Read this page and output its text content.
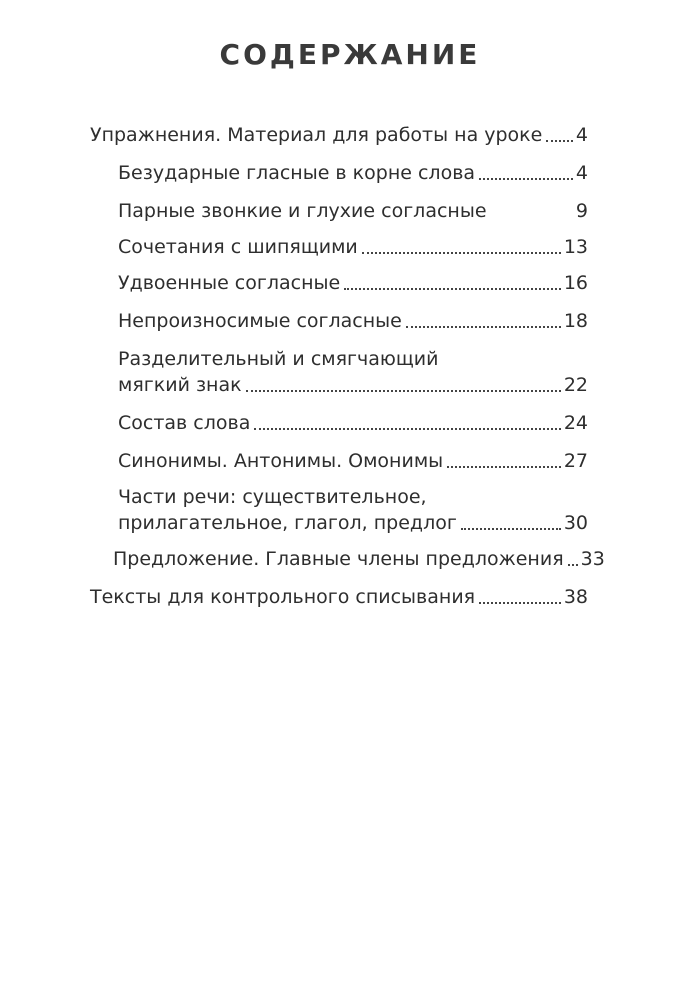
СОДЕРЖАНИЕ
Упражнения. Материал для работы на уроке 4
Безударные гласные в корне слова	4
Парные звонкие и глухие согласные	9
Сочетания с шипящими	13
Удвоенные согласные	16
Непроизносимые согласные	18
Разделительный и смягчающий
мягкий знак	22
Состав слова	24
Синонимы. Антонимы. Омонимы	27
Части речи: существительное,
прилагательное, глагол, предлог	30
Предложение. Главные члены предложения 33
Тексты для контрольного списывания	38
